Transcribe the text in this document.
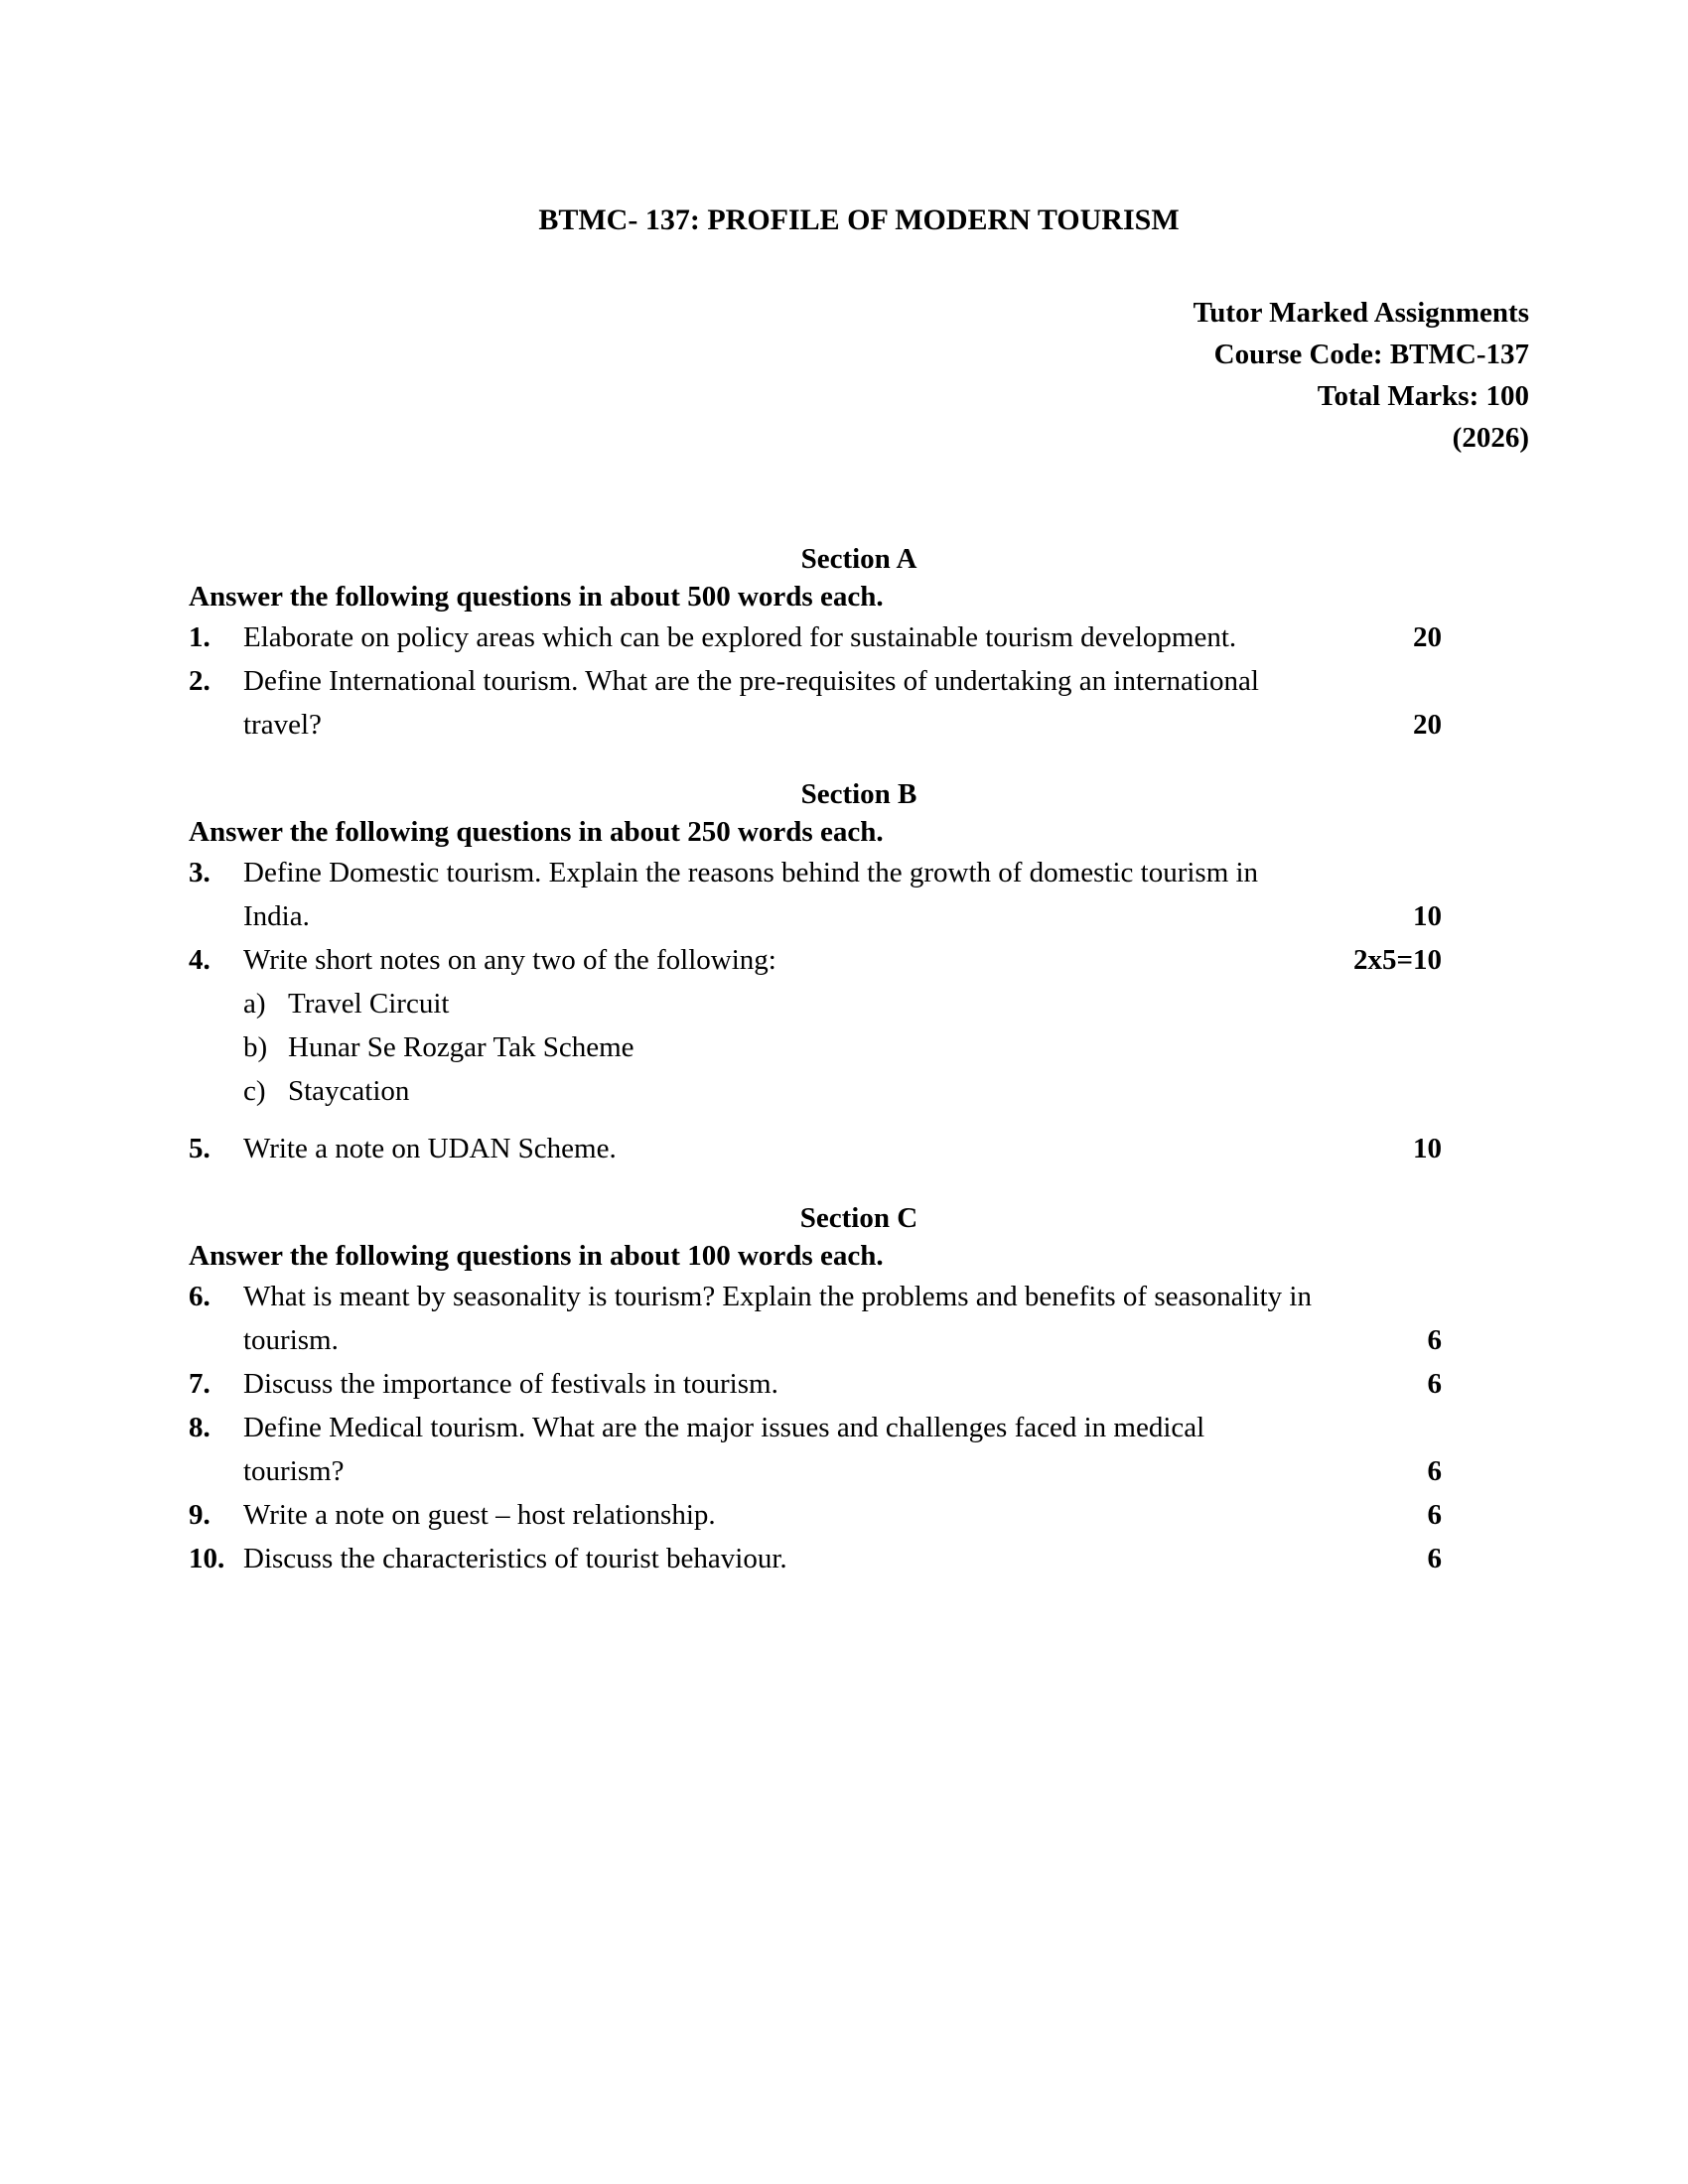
BTMC- 137: PROFILE OF MODERN TOURISM
Tutor Marked Assignments
Course Code: BTMC-137
Total Marks: 100
(2026)
Section A
Answer the following questions in about 500 words each.
1.	Elaborate on policy areas which can be explored for sustainable tourism development.	20
2.	Define International tourism. What are the pre-requisites of undertaking an international
travel?	20
Section B
Answer the following questions in about 250 words each.
3.	Define Domestic tourism. Explain the reasons behind the growth of domestic tourism in
India.	10
4.	Write short notes on any two of the following:	2x5=10
a) Travel Circuit
b) Hunar Se Rozgar Tak Scheme
c) Staycation
5.	Write a note on UDAN Scheme.	10
Section C
Answer the following questions in about 100 words each.
6.	What is meant by seasonality is tourism? Explain the problems and benefits of seasonality in
tourism.	6
7.	Discuss the importance of festivals in tourism.	6
8.	Define Medical tourism. What are the major issues and challenges faced in medical
tourism?	6
9.	Write a note on guest – host relationship.	6
10. Discuss the characteristics of tourist behaviour.	6
